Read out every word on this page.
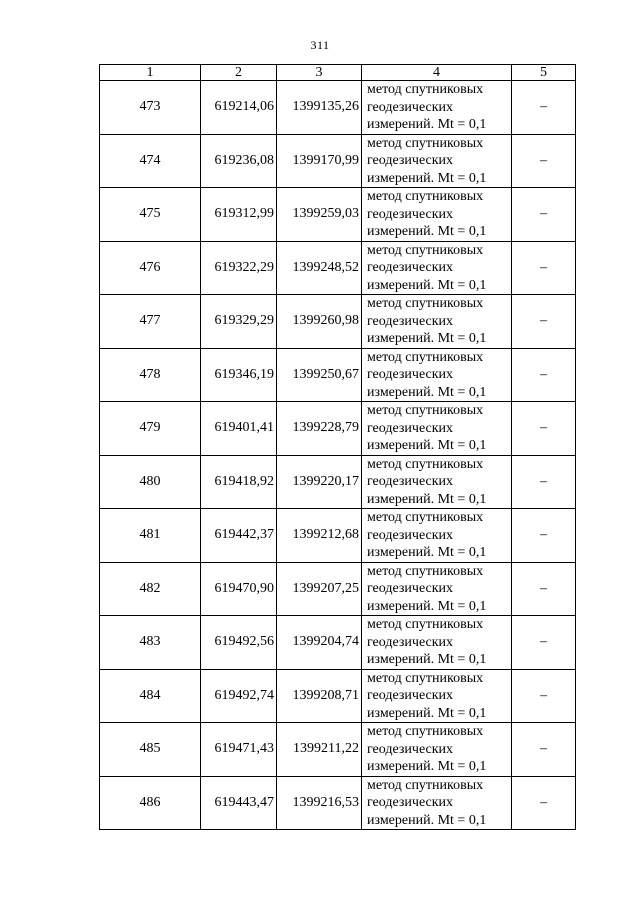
311
1	2	3	4	5
473	619214,06	1399135,26	метод спутниковых
геодезических
измерений. Mt = 0,1	–
474	619236,08	1399170,99	метод спутниковых
геодезических
измерений. Mt = 0,1	–
475	619312,99	1399259,03	метод спутниковых
геодезических
измерений. Mt = 0,1	–
476	619322,29	1399248,52	метод спутниковых
геодезических
измерений. Mt = 0,1	–
477	619329,29	1399260,98	метод спутниковых
геодезических
измерений. Mt = 0,1	–
478	619346,19	1399250,67	метод спутниковых
геодезических
измерений. Mt = 0,1	–
479	619401,41	1399228,79	метод спутниковых
геодезических
измерений. Mt = 0,1	–
480	619418,92	1399220,17	метод спутниковых
геодезических
измерений. Mt = 0,1	–
481	619442,37	1399212,68	метод спутниковых
геодезических
измерений. Mt = 0,1	–
482	619470,90	1399207,25	метод спутниковых
геодезических
измерений. Mt = 0,1	–
483	619492,56	1399204,74	метод спутниковых
геодезических
измерений. Mt = 0,1	–
484	619492,74	1399208,71	метод спутниковых
геодезических
измерений. Mt = 0,1	–
485	619471,43	1399211,22	метод спутниковых
геодезических
измерений. Mt = 0,1	–
486	619443,47	1399216,53	метод спутниковых
геодезических
измерений. Mt = 0,1	–
